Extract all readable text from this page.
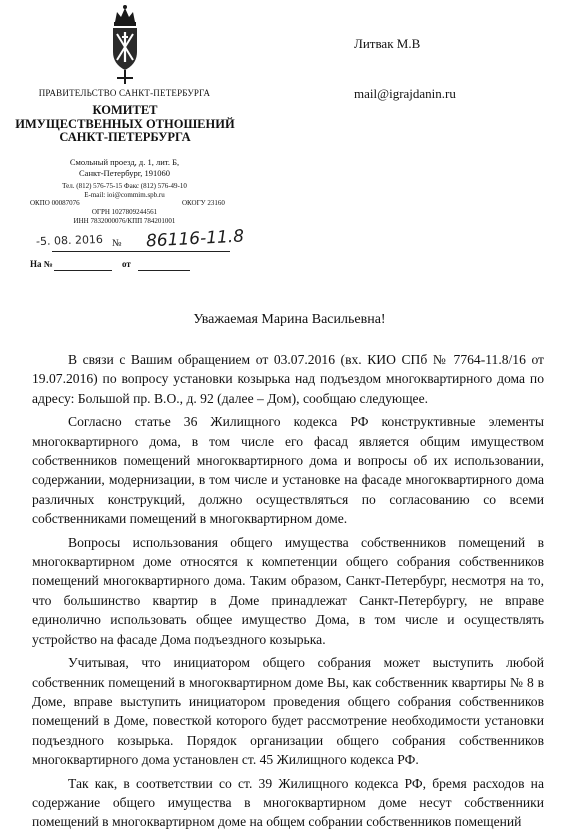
ПРАВИТЕЛЬСТВО САНКТ-ПЕТЕРБУРГА
КОМИТЕТ
ИМУЩЕСТВЕННЫХ ОТНОШЕНИЙ
САНКТ-ПЕТЕРБУРГА
Смольный проезд, д. 1, лит. Б,
Санкт-Петербург, 191060
Тел. (812) 576-75-15 Факс (812) 576-49-10
E-mail: ioi@commim.spb.ru
ОКПО 00087076	ОКОГУ 23160
ОГРН 1027809244561
ИНН 7832000076/КПП 784201001
-5. 08. 2016 № 86116-11.8
На №	от
Литвак М.В
mail@igrajdanin.ru
Уважаемая Марина Васильевна!

В связи с Вашим обращением от 03.07.2016 (вх. КИО СПб № 7764-11.8/16 от 19.07.2016) по вопросу установки козырька над подъездом многоквартирного дома по адресу: Большой пр. В.О., д. 92 (далее – Дом), сообщаю следующее.

Согласно статье 36 Жилищного кодекса РФ конструктивные элементы многоквартирного дома, в том числе его фасад является общим имуществом собственников помещений многоквартирного дома и вопросы об их использовании, содержании, модернизации, в том числе и установке на фасаде многоквартирного дома различных конструкций, должно осуществляться по согласованию со всеми собственниками помещений в многоквартирном доме.

Вопросы использования общего имущества собственников помещений в многоквартирном доме относятся к компетенции общего собрания собственников помещений многоквартирного дома. Таким образом, Санкт-Петербург, несмотря на то, что большинство квартир в Доме принадлежат Санкт-Петербургу, не вправе единолично использовать общее имущество Дома, в том числе и осуществлять устройство на фасаде Дома подъездного козырька.

Учитывая, что инициатором общего собрания может выступить любой собственник помещений в многоквартирном доме Вы, как собственник квартиры № 8 в Доме, вправе выступить инициатором проведения общего собрания собственников помещений в Доме, повесткой которого будет рассмотрение необходимости установки подъездного козырька. Порядок организации общего собрания собственников многоквартирного дома установлен ст. 45 Жилищного кодекса РФ.

Так как, в соответствии со ст. 39 Жилищного кодекса РФ, бремя расходов на содержание общего имущества в многоквартирном доме несут собственники помещений в многоквартирном доме на общем собрании собственников помещений
